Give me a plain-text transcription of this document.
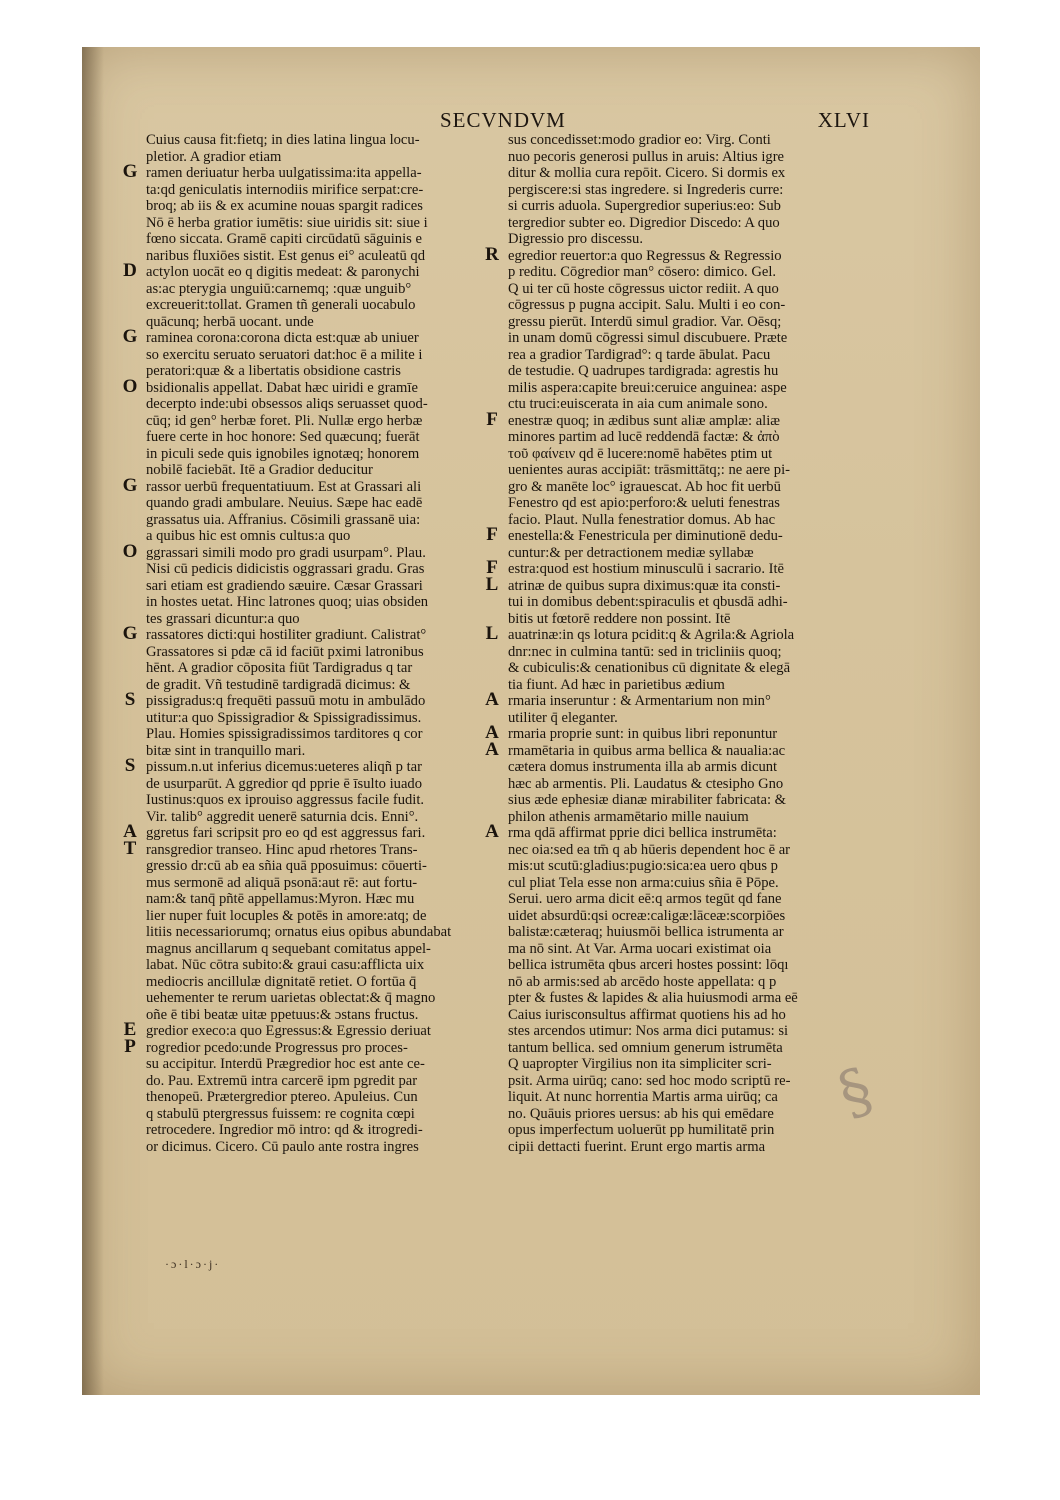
SECVNDVM	XLVI
G
D
G
O
G
O
G
S
S
A
T
E
P
Cuius causa fit:fietq; in dies latina lingua locu-
pletior. A gradior etiam
ramen deriuatur herba uulgatissima:ita appella-
ta:qd geniculatis internodiis mirifice serpat:cre-
broq; ab iis & ex acumine nouas spargit radices
Nō ē herba gratior iumētis: siue uiridis sit: siue i
fœno siccata. Gramē capiti circūdatū sāguinis e
naribus fluxiōes sistit. Est genus ei° aculeatū qd
actylon uocāt eo q digitis medeat: & paronychi
as:ac pterygia unguiū:carnemq; :quæ unguib°
excreuerit:tollat. Gramen tñ generali uocabulo
quācunq; herbā uocant. unde
raminea corona:corona dicta est:quæ ab uniuer
so exercitu seruato seruatori dat:hoc ē a milite i
peratori:quæ & a libertatis obsidione castris
bsidionalis appellat. Dabat hæc uiridi e gramīe
decerpto inde:ubi obsessos aliqs seruasset quod-
cūq; id gen° herbæ foret. Pli. Nullæ ergo herbæ
fuere certe in hoc honore: Sed quæcunq; fuerāt
in piculi sede quis ignobiles ignotæq; honorem
nobilē faciebāt. Itē a Gradior deducitur
rassor uerbū frequentatiuum. Est at Grassari ali
quando gradi ambulare. Neuius. Sæpe hac eadē
grassatus uia. Affranius. Cōsimili grassanē uia:
a quibus hic est omnis cultus:a quo
ggrassari simili modo pro gradi usurpam°. Plau.
Nisi cū pedicis didicistis oggrassari gradu. Gras
sari etiam est gradiendo sæuire. Cæsar Grassari
in hostes uetat. Hinc latrones quoq; uias obsiden
tes grassari dicuntur:a quo
rassatores dicti:qui hostiliter gradiunt. Calistrat°
Grassatores si pdæ cā id faciūt pximi latronibus
hēnt. A gradior cōposita fiūt Tardigradus q tar
de gradit. Vñ testudinē tardigradā dicimus: &
pissigradus:q frequēti passuū motu in ambulādo
utitur:a quo Spissigradior & Spissigradissimus.
Plau. Homies spissigradissimos tarditores q cor
bitæ sint in tranquillo mari.
pissum.n.ut inferius dicemus:ueteres aliqñ p tar
de usurparūt. A ggredior qd pprie ē īsulto iuado
Iustinus:quos ex iprouiso aggressus facile fudit.
Vir. talib° aggredit uenerē saturnia dcis. Enni°.
ggretus fari scripsit pro eo qd est aggressus fari.
ransgredior transeo. Hinc apud rhetores Trans-
gressio dr:cū ab ea sñia quā pposuimus: cōuerti-
mus sermonē ad aliquā psonā:aut rē: aut fortu-
nam:& tanq̄ pñtē appellamus:Myron. Hæc mu
lier nuper fuit locuples & potēs in amore:atq; de
litiis necessariorumq; ornatus eius opibus abundabat
magnus ancillarum q sequebant comitatus appel-
labat. Nūc cōtra subito:& graui casu:afflicta uix
mediocris ancillulæ dignitatē retiet. O fortūa q̄
uehementer te rerum uarietas oblectat:& q̄ magno
oñe ē tibi beatæ uitæ ppetuus:& ɔstans fructus.
gredior execo:a quo Egressus:& Egressio deriuat
rogredior pcedo:unde Progressus pro proces-
su accipitur. Interdū Prægredior hoc est ante ce-
do. Pau. Extremū intra carcerē ipm pgredit par
thenopeū. Prætergredior ptereo. Apuleius. Cun
q stabulū ptergressus fuissem: re cognita cœpi
retrocedere. Ingredior mō intro: qd & itrogredi-
or dicimus. Cicero. Cū paulo ante rostra ingres
R
F
F
F
L
L
A
A
A
A
sus concedisset:modo gradior eo: Virg. Conti
nuo pecoris generosi pullus in aruis: Altius igre
ditur & mollia cura repōit. Cicero. Si dormis ex
pergiscere:si stas ingredere. si Ingrederis curre:
si curris aduola. Supergredior superius:eo: Sub
tergredior subter eo. Digredior Discedo: A quo
Digressio pro discessu.
egredior reuertor:a quo Regressus & Regressio
p reditu. Cōgredior man° cōsero: dimico. Gel.
Q ui ter cū hoste cōgressus uictor rediit. A quo
cōgressus p pugna accipit. Salu. Multi i eo con-
gressu pierūt. Interdū simul gradior. Var. Oēsq;
in unam domū cōgressi simul discubuere. Præte
rea a gradior Tardigrad°: q tarde ābulat. Pacu
de testudie. Q uadrupes tardigrada: agrestis hu
milis aspera:capite breui:ceruice anguinea: aspe
ctu truci:euiscerata in aia cum animale sono.
enestræ quoq; in ædibus sunt aliæ amplæ: aliæ
minores partim ad lucē reddendā factæ: & ἀπὸ
τοῦ φαίνειν qd ē lucere:nomē habētes ptim ut
uenientes auras accipiāt: trāsmittātq;: ne aere pi-
gro & manēte loc° igrauescat. Ab hoc fit uerbū
Fenestro qd est apio:perforo:& ueluti fenestras
facio. Plaut. Nulla fenestratior domus. Ab hac
enestella:& Fenestricula per diminutionē dedu-
cuntur:& per detractionem mediæ syllabæ
estra:quod est hostium minusculū i sacrario. Itē
atrinæ de quibus supra diximus:quæ ita consti-
tui in domibus debent:spiraculis et qbusdā adhi-
bitis ut fœtorē reddere non possint. Itē
auatrinæ:in qs lotura pcidit:q & Agrila:& Agriola
dnr:nec in culmina tantū: sed in tricliniis quoq;
& cubiculis:& cenationibus cū dignitate & elegā
tia fiunt. Ad hæc in parietibus ædium
rmaria inseruntur : & Armentarium non min°
utiliter q̄ eleganter.
rmaria proprie sunt: in quibus libri reponuntur
rmamētaria in quibus arma bellica & naualia:ac
cætera domus instrumenta illa ab armis dicunt
hæc ab armentis. Pli. Laudatus & ctesipho Gno
sius æde ephesiæ dianæ mirabiliter fabricata: &
philon athenis armamētario mille nauium
rma qdā affirmat pprie dici bellica instrumēta:
nec oia:sed ea tm̄ q ab hūeris dependent hoc ē ar
mis:ut scutū:gladius:pugio:sica:ea uero qbus p
cul pliat Tela esse non arma:cuius sñia ē Pōpe.
Serui. uero arma dicit eē:q armos tegūt qd fane
uidet absurdū:qsi ocreæ:caligæ:lāceæ:scorpiōes
balistæ:cæteraq; huiusmōi bellica istrumenta ar
ma nō sint. At Var. Arma uocari existimat oia
bellica istrumēta qbus arceri hostes possint: lōqı
nō ab armis:sed ab arcēdo hoste appellata: q p
pter & fustes & lapides & alia huiusmodi arma eē
Caius iurisconsultus affirmat quotiens his ad ho
stes arcendos utimur: Nos arma dici putamus: si
tantum bellica. sed omnium generum istrumēta
Q uapropter Virgilius non ita simpliciter scri-
psit. Arma uirūq; cano: sed hoc modo scriptū re-
liquit. At nunc horrentia Martis arma uirūq; ca
no. Quāuis priores uersus: ab his qui emēdare
opus imperfectum uoluerūt pp humilitatē prin
cipii dettacti fuerint. Erunt ergo martis arma
§
·ɔ·l·ɔ·j·
